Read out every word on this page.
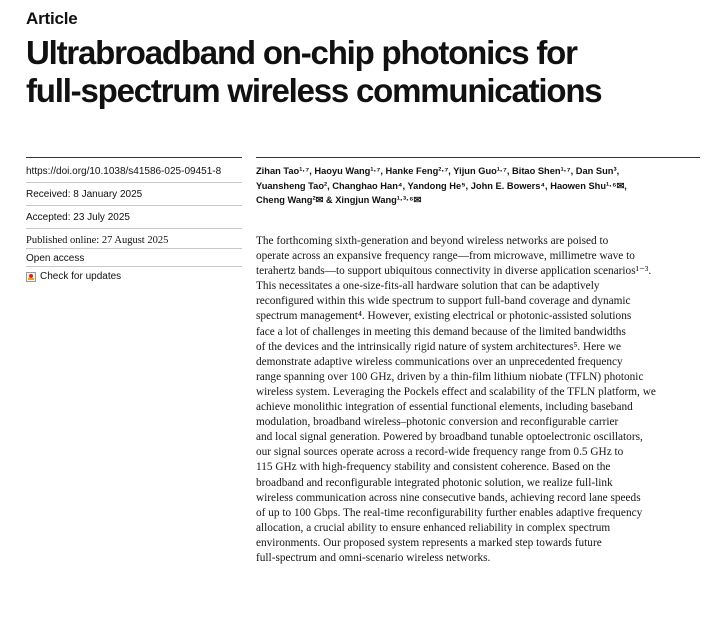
Article
Ultrabroadband on-chip photonics for
full-spectrum wireless communications
https://doi.org/10.1038/s41586-025-09451-8
Received: 8 January 2025
Accepted: 23 July 2025
Published online: 27 August 2025
Open access
Check for updates

Zihan Tao¹·⁷, Haoyu Wang¹·⁷, Hanke Feng²·⁷, Yijun Guo¹·⁷, Bitao Shen¹·⁷, Dan Sun³,
Yuansheng Tao², Changhao Han⁴, Yandong He⁵, John E. Bowers⁴, Haowen Shu¹·⁶✉,
Cheng Wang²✉ & Xingjun Wang¹·³·⁶✉

The forthcoming sixth-generation and beyond wireless networks are poised to
operate across an expansive frequency range—from microwave, millimetre wave to
terahertz bands—to support ubiquitous connectivity in diverse application scenarios¹⁻³.
This necessitates a one-size-fits-all hardware solution that can be adaptively
reconfigured within this wide spectrum to support full-band coverage and dynamic
spectrum management⁴. However, existing electrical or photonic-assisted solutions
face a lot of challenges in meeting this demand because of the limited bandwidths
of the devices and the intrinsically rigid nature of system architectures⁵. Here we
demonstrate adaptive wireless communications over an unprecedented frequency
range spanning over 100 GHz, driven by a thin-film lithium niobate (TFLN) photonic
wireless system. Leveraging the Pockels effect and scalability of the TFLN platform, we
achieve monolithic integration of essential functional elements, including baseband
modulation, broadband wireless–photonic conversion and reconfigurable carrier
and local signal generation. Powered by broadband tunable optoelectronic oscillators,
our signal sources operate across a record-wide frequency range from 0.5 GHz to
115 GHz with high-frequency stability and consistent coherence. Based on the
broadband and reconfigurable integrated photonic solution, we realize full-link
wireless communication across nine consecutive bands, achieving record lane speeds
of up to 100 Gbps. The real-time reconfigurability further enables adaptive frequency
allocation, a crucial ability to ensure enhanced reliability in complex spectrum
environments. Our proposed system represents a marked step towards future
full-spectrum and omni-scenario wireless networks.
